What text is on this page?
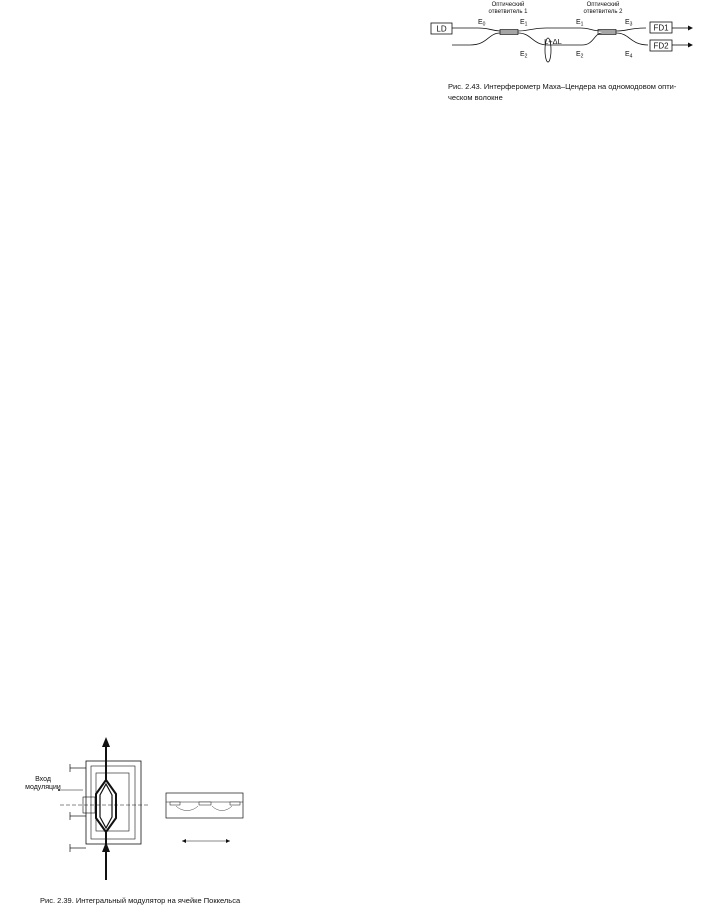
Оптический
ответвитель 1
Оптический
ответвитель 2
LD	FD1
FD2
$E_0$	$E_1$	$E_1$	$E_3$
$E_2$	$E_2$	$E_4$
L+ΔL
Рис. 2.43. Интерферометр Маха–Цендера на одномодовом опти-
ческом волокне
Вход
модуляции
Рис. 2.39. Интегральный модулятор на ячейке Поккельса
